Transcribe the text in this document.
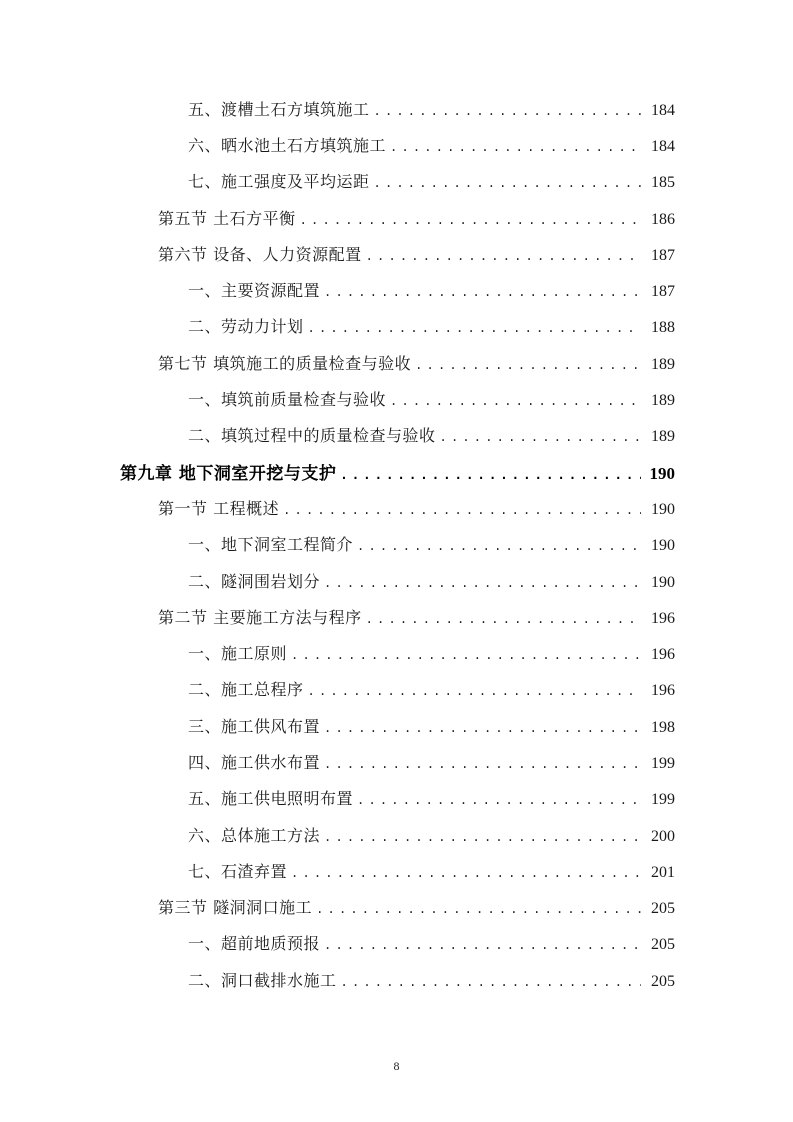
五、渡槽土石方填筑施工 .....	184
六、晒水池土石方填筑施工 .....	184
七、施工强度及平均运距 .....	185
第五节 土石方平衡 .....	186
第六节 设备、人力资源配置 .....	187
一、主要资源配置 .....	187
二、劳动力计划 .....	188
第七节 填筑施工的质量检查与验收 .....	189
一、填筑前质量检查与验收 .....	189
二、填筑过程中的质量检查与验收 .....	189
第九章 地下洞室开挖与支护 .....	190
第一节 工程概述 .....	190
一、地下洞室工程简介 .....	190
二、隧洞围岩划分 .....	190
第二节 主要施工方法与程序 .....	196
一、施工原则 .....	196
二、施工总程序 .....	196
三、施工供风布置 .....	198
四、施工供水布置 .....	199
五、施工供电照明布置 .....	199
六、总体施工方法 .....	200
七、石渣弃置 .....	201
第三节 隧洞洞口施工 .....	205
一、超前地质预报 .....	205
二、洞口截排水施工 .....	205
8
